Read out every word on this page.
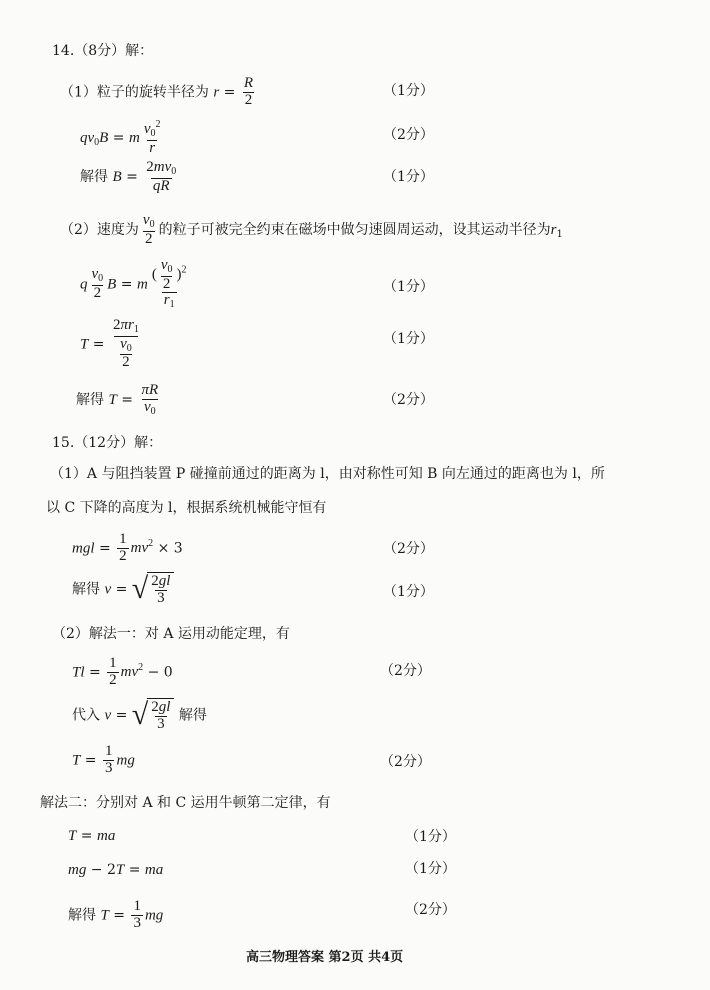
14.（8分）解：
（1）粒子的旋转半径为 $r = \frac{R}{2}$	（1分）
$qv_0B = m \frac{v_0^2}{r}$	（2分）
解得 $B = \frac{2mv_0}{qR}$	（1分）
（2）速度为 $\frac{v_0}{2}$ 的粒子可被完全约束在磁场中做匀速圆周运动，设其运动半径为$r_1$
q $\frac{v_0}{2}$ B = m $\frac{( \frac{v_0}{2} )^2}{r_1}$	（1分）
$T = \frac{2\pi r_1}{\frac{v_0}{2}}$	（1分）
解得 $T = \frac{\pi R}{v_0}$	（2分）
15.（12分）解：
（1）A 与阻挡装置 P 碰撞前通过的距离为 l，由对称性可知 B 向左通过的距离也为 l，所
以 C 下降的高度为 l，根据系统机械能守恒有
mgl = $\frac{1}{2} mv^2 \times 3$	（2分）
解得 v = √ $\frac{2gl}{3}$	（1分）
（2）解法一：对 A 运用动能定理，有
$Tl = \frac{1}{2} mv^2 - 0$	（2分）
代入 v = √ $\frac{2gl}{3}$ 解得
$T = \frac{1}{3}$ mg	（2分）
解法二：分别对 A 和 C 运用牛顿第二定律，有
T = ma	（1分）
mg − 2T = ma	（1分）
解得 $T = \frac{1}{3}$ mg	（2分）
高三物理答案 第2页 共4页
